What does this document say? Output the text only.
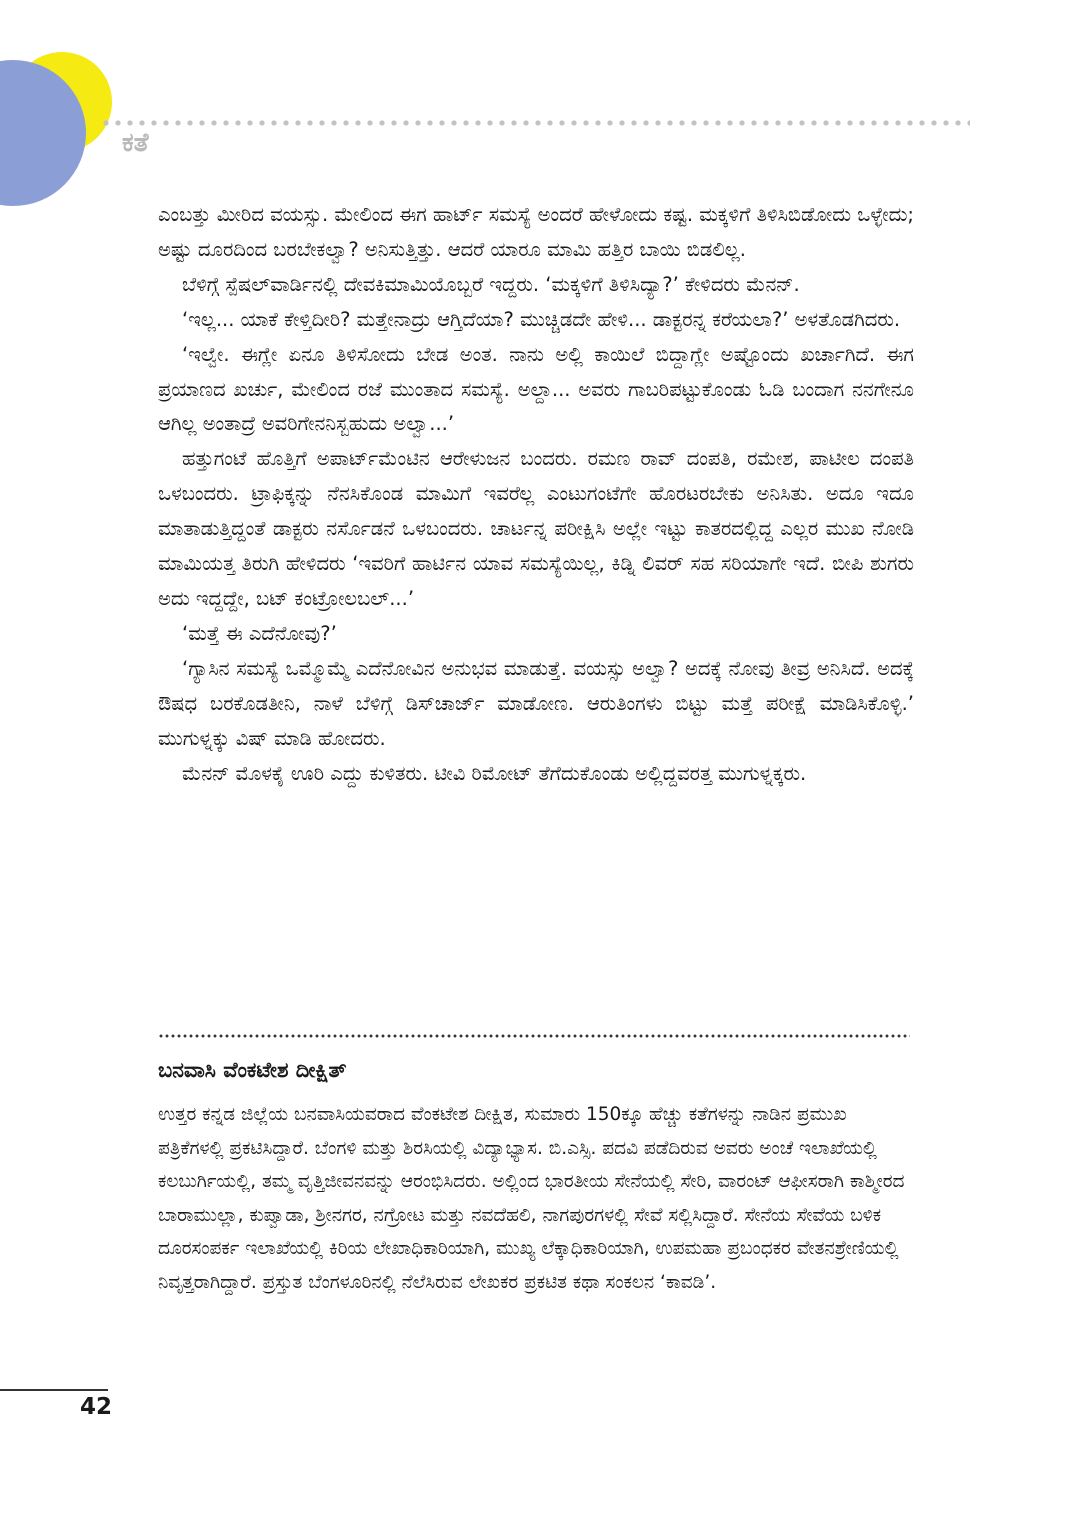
ಕತೆ

ಎಂಬತ್ತು ಮೀರಿದ ವಯಸ್ಸು. ಮೇಲಿಂದ ಈಗ ಹಾರ್ಟ್ ಸಮಸ್ಯೆ ಅಂದರೆ ಹೇಳೋದು ಕಷ್ಟ. ಮಕ್ಕಳಿಗೆ ತಿಳಿಸಿಬಿಡೋದು ಒಳ್ಳೇದು; ಅಷ್ಟು ದೂರದಿಂದ ಬರಬೇಕಲ್ವಾ? ಅನಿಸುತ್ತಿತ್ತು. ಆದರೆ ಯಾರೂ ಮಾಮಿ ಹತ್ತಿರ ಬಾಯಿ ಬಿಡಲಿಲ್ಲ.

ಬೆಳಿಗ್ಗೆ ಸ್ಪೆಷಲ್‌ವಾರ್ಡಿನಲ್ಲಿ ದೇವಕಿಮಾಮಿಯೊಬ್ಬರೆ ಇದ್ದರು. ‘ಮಕ್ಕಳಿಗೆ ತಿಳಿಸಿದ್ಯಾ?’ ಕೇಳಿದರು ಮೆನನ್.

‘ಇಲ್ಲ... ಯಾಕೆ ಕೇಳ್ತಿದೀರಿ? ಮತ್ತೇನಾದ್ರು ಆಗ್ತಿದೆಯಾ? ಮುಚ್ಚಿಡದೇ ಹೇಳಿ... ಡಾಕ್ಟರನ್ನ ಕರೆಯಲಾ?’ ಅಳತೊಡಗಿದರು.

‘ಇಲ್ವೇ. ಈಗ್ಲೇ ಏನೂ ತಿಳಿಸೋದು ಬೇಡ ಅಂತ. ನಾನು ಅಲ್ಲಿ ಕಾಯಿಲೆ ಬಿದ್ದಾಗ್ಲೇ ಅಷ್ಟೊಂದು ಖರ್ಚಾಗಿದೆ. ಈಗ ಪ್ರಯಾಣದ ಖರ್ಚು, ಮೇಲಿಂದ ರಜೆ ಮುಂತಾದ ಸಮಸ್ಯೆ. ಅಲ್ದಾ... ಅವರು ಗಾಬರಿಪಟ್ಟುಕೊಂಡು ಓಡಿ ಬಂದಾಗ ನನಗೇನೂ ಆಗಿಲ್ಲ ಅಂತಾದ್ರೆ ಅವರಿಗೇನನಿಸ್ಬಹುದು ಅಲ್ವಾ...’

ಹತ್ತುಗಂಟೆ ಹೊತ್ತಿಗೆ ಅಪಾರ್ಟ್‌ಮೆಂಟಿನ ಆರೇಳುಜನ ಬಂದರು. ರಮಣ ರಾವ್ ದಂಪತಿ, ರಮೇಶ, ಪಾಟೀಲ ದಂಪತಿ ಒಳಬಂದರು. ಟ್ರಾಫಿಕ್ಕನ್ನು ನೆನಸಿಕೊಂಡ ಮಾಮಿಗೆ ಇವರೆಲ್ಲ ಎಂಟುಗಂಟೆಗೇ ಹೊರಟರಬೇಕು ಅನಿಸಿತು. ಅದೂ ಇದೂ ಮಾತಾಡುತ್ತಿದ್ದಂತೆ ಡಾಕ್ಟರು ನರ್ಸೊಡನೆ ಒಳಬಂದರು. ಚಾರ್ಟನ್ನ ಪರೀಕ್ಷಿಸಿ ಅಲ್ಲೇ ಇಟ್ಟು ಕಾತರದಲ್ಲಿದ್ದ ಎಲ್ಲರ ಮುಖ ನೋಡಿ ಮಾಮಿಯತ್ತ ತಿರುಗಿ ಹೇಳಿದರು ‘ಇವರಿಗೆ ಹಾರ್ಟಿನ ಯಾವ ಸಮಸ್ಯೆಯಿಲ್ಲ, ಕಿಡ್ನಿ ಲಿವರ್ ಸಹ ಸರಿಯಾಗೇ ಇದೆ. ಬೀಪಿ ಶುಗರು ಅದು ಇದ್ದದ್ದೇ, ಬಟ್ ಕಂಟ್ರೋಲಬಲ್...’

‘ಮತ್ತೆ ಈ ಎದೆನೋವು?’

‘ಗ್ಯಾಸಿನ ಸಮಸ್ಯೆ ಒಮ್ಮೊಮ್ಮೆ ಎದೆನೋವಿನ ಅನುಭವ ಮಾಡುತ್ತೆ. ವಯಸ್ಸು ಅಲ್ವಾ? ಅದಕ್ಕೆ ನೋವು ತೀವ್ರ ಅನಿಸಿದೆ. ಅದಕ್ಕೆ ಔಷಧ ಬರಕೊಡತೀನಿ, ನಾಳೆ ಬೆಳಿಗ್ಗೆ ಡಿಸ್‌ಚಾರ್ಜ್ ಮಾಡೋಣ. ಆರುತಿಂಗಳು ಬಿಟ್ಟು ಮತ್ತೆ ಪರೀಕ್ಷೆ ಮಾಡಿಸಿಕೊಳ್ಳಿ.’ ಮುಗುಳ್ನಕ್ಕು ವಿಷ್ ಮಾಡಿ ಹೋದರು.

ಮೆನನ್ ಮೊಳಕೈ ಊರಿ ಎದ್ದು ಕುಳಿತರು. ಟೀವಿ ರಿಮೋಟ್ ತೆಗೆದುಕೊಂಡು ಅಲ್ಲಿದ್ದವರತ್ತ ಮುಗುಳ್ನಕ್ಕರು.

ಬನವಾಸಿ ವೆಂಕಟೇಶ ದೀಕ್ಷಿತ್

ಉತ್ತರ ಕನ್ನಡ ಜಿಲ್ಲೆಯ ಬನವಾಸಿಯವರಾದ ವೆಂಕಟೇಶ ದೀಕ್ಷಿತ, ಸುಮಾರು 150ಕ್ಕೂ ಹೆಚ್ಚು ಕತೆಗಳನ್ನು ನಾಡಿನ ಪ್ರಮುಖ ಪತ್ರಿಕೆಗಳಲ್ಲಿ ಪ್ರಕಟಿಸಿದ್ದಾರೆ. ಬೆಂಗಳಿ ಮತ್ತು ಶಿರಸಿಯಲ್ಲಿ ವಿದ್ಯಾಭ್ಯಾಸ. ಬಿ.ಎಸ್ಸಿ. ಪದವಿ ಪಡೆದಿರುವ ಅವರು ಅಂಚೆ ಇಲಾಖೆಯಲ್ಲಿ ಕಲಬುರ್ಗಿಯಲ್ಲಿ, ತಮ್ಮ ವೃತ್ತಿಜೀವನವನ್ನು ಆರಂಭಿಸಿದರು. ಅಲ್ಲಿಂದ ಭಾರತೀಯ ಸೇನೆಯಲ್ಲಿ ಸೇರಿ, ವಾರಂಟ್ ಆಫೀಸರಾಗಿ ಕಾಶ್ಮೀರದ ಬಾರಾಮುಲ್ಲಾ, ಕುಪ್ವಾಡಾ, ಶ್ರೀನಗರ, ನಗ್ರೋಟ ಮತ್ತು ನವದೆಹಲಿ, ನಾಗಪುರಗಳಲ್ಲಿ ಸೇವೆ ಸಲ್ಲಿಸಿದ್ದಾರೆ. ಸೇನೆಯ ಸೇವೆಯ ಬಳಿಕ ದೂರಸಂಪರ್ಕ ಇಲಾಖೆಯಲ್ಲಿ ಕಿರಿಯ ಲೇಖಾಧಿಕಾರಿಯಾಗಿ, ಮುಖ್ಯ ಲೆಕ್ಕಾಧಿಕಾರಿಯಾಗಿ, ಉಪಮಹಾ ಪ್ರಬಂಧಕರ ವೇತನಶ್ರೇಣಿಯಲ್ಲಿ ನಿವೃತ್ತರಾಗಿದ್ದಾರೆ. ಪ್ರಸ್ತುತ ಬೆಂಗಳೂರಿನಲ್ಲಿ ನೆಲೆಸಿರುವ ಲೇಖಕರ ಪ್ರಕಟಿತ ಕಥಾ ಸಂಕಲನ ‘ಕಾವಡಿ’.

42
